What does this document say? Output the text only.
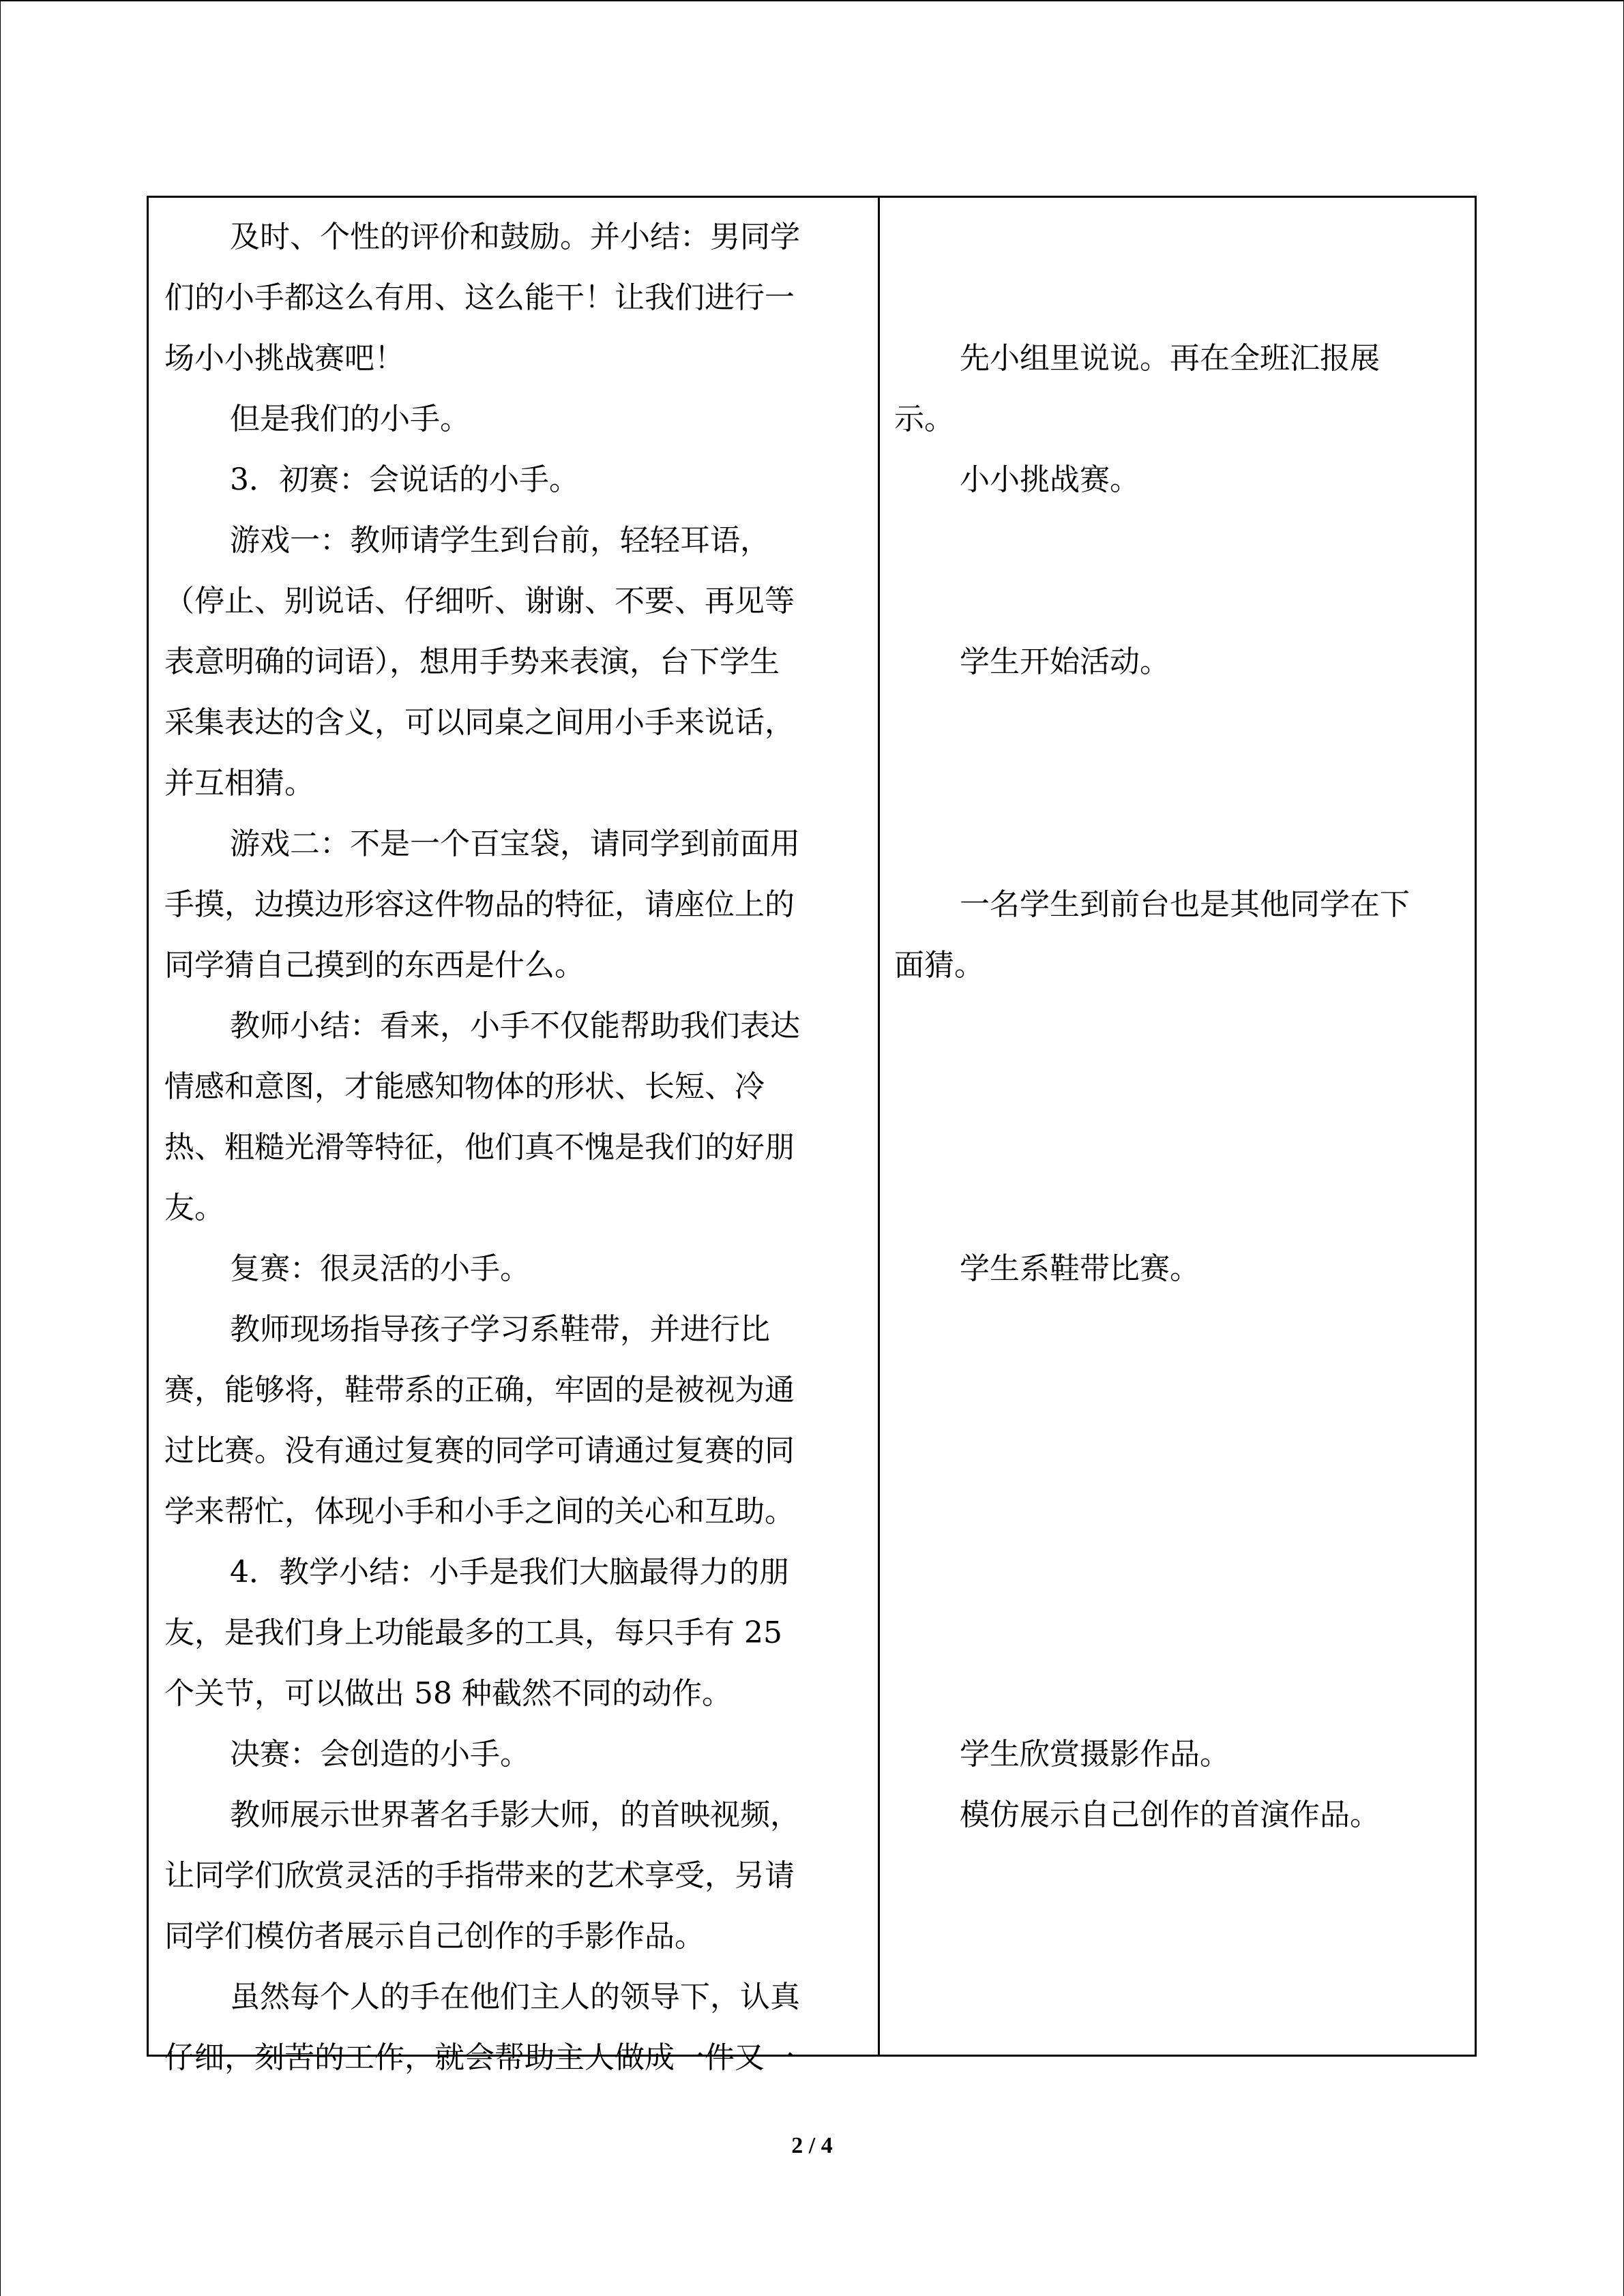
及时、个性的评价和鼓励。并小结：男同学
们的小手都这么有用、这么能干！让我们进行一
场小小挑战赛吧！
但是我们的小手。
3．初赛：会说话的小手。
游戏一：教师请学生到台前，轻轻耳语，
（停止、别说话、仔细听、谢谢、不要、再见等
表意明确的词语），想用手势来表演，台下学生
采集表达的含义，可以同桌之间用小手来说话，
并互相猜。
游戏二：不是一个百宝袋，请同学到前面用
手摸，边摸边形容这件物品的特征，请座位上的
同学猜自己摸到的东西是什么。
教师小结：看来，小手不仅能帮助我们表达
情感和意图，才能感知物体的形状、长短、冷
热、粗糙光滑等特征，他们真不愧是我们的好朋
友。
复赛：很灵活的小手。
教师现场指导孩子学习系鞋带，并进行比
赛，能够将，鞋带系的正确，牢固的是被视为通
过比赛。没有通过复赛的同学可请通过复赛的同
学来帮忙，体现小手和小手之间的关心和互助。
4．教学小结：小手是我们大脑最得力的朋
友，是我们身上功能最多的工具，每只手有 25
个关节，可以做出 58 种截然不同的动作。
决赛：会创造的小手。
教师展示世界著名手影大师，的首映视频，
让同学们欣赏灵活的手指带来的艺术享受，另请
同学们模仿者展示自己创作的手影作品。
虽然每个人的手在他们主人的领导下，认真
仔细，刻苦的工作，就会帮助主人做成一件又一
先小组里说说。再在全班汇报展
示。
小小挑战赛。
学生开始活动。
一名学生到前台也是其他同学在下
面猜。
学生系鞋带比赛。
学生欣赏摄影作品。
模仿展示自己创作的首演作品。
2 / 4
